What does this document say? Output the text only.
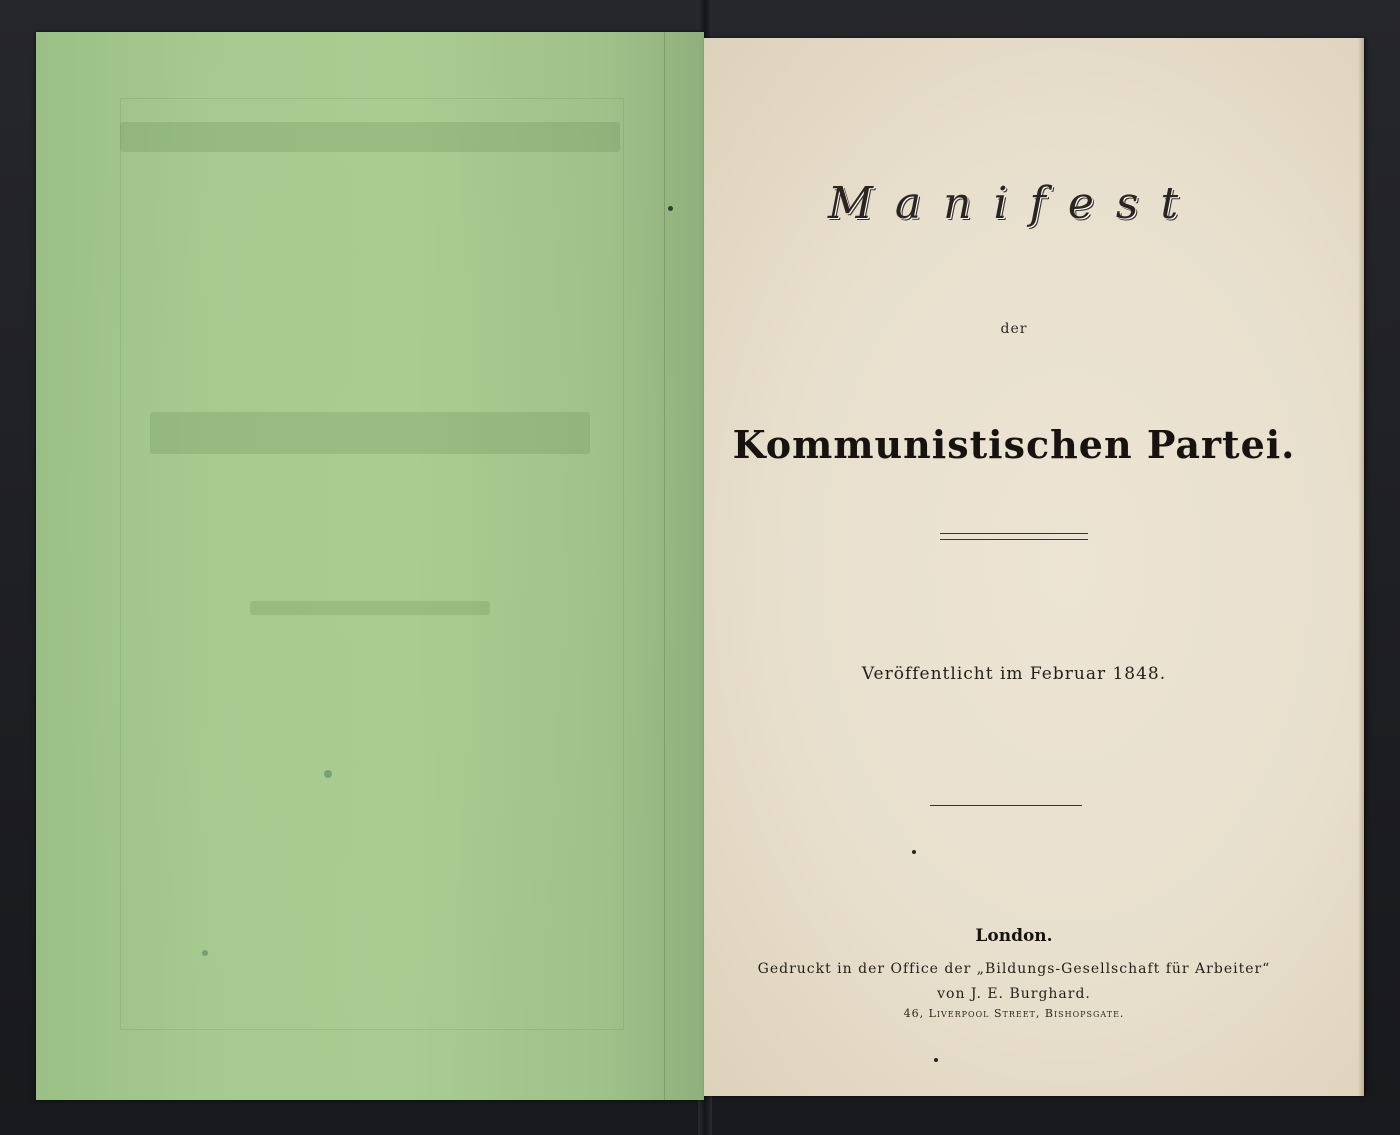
Manifest
der
Kommunistischen Partei.
Veröffentlicht im Februar 1848.
London.
Gedruckt in der Office der „Bildungs-Gesellschaft für Arbeiter“
von J. E. Burghard.
46, Liverpool Street, Bishopsgate.
